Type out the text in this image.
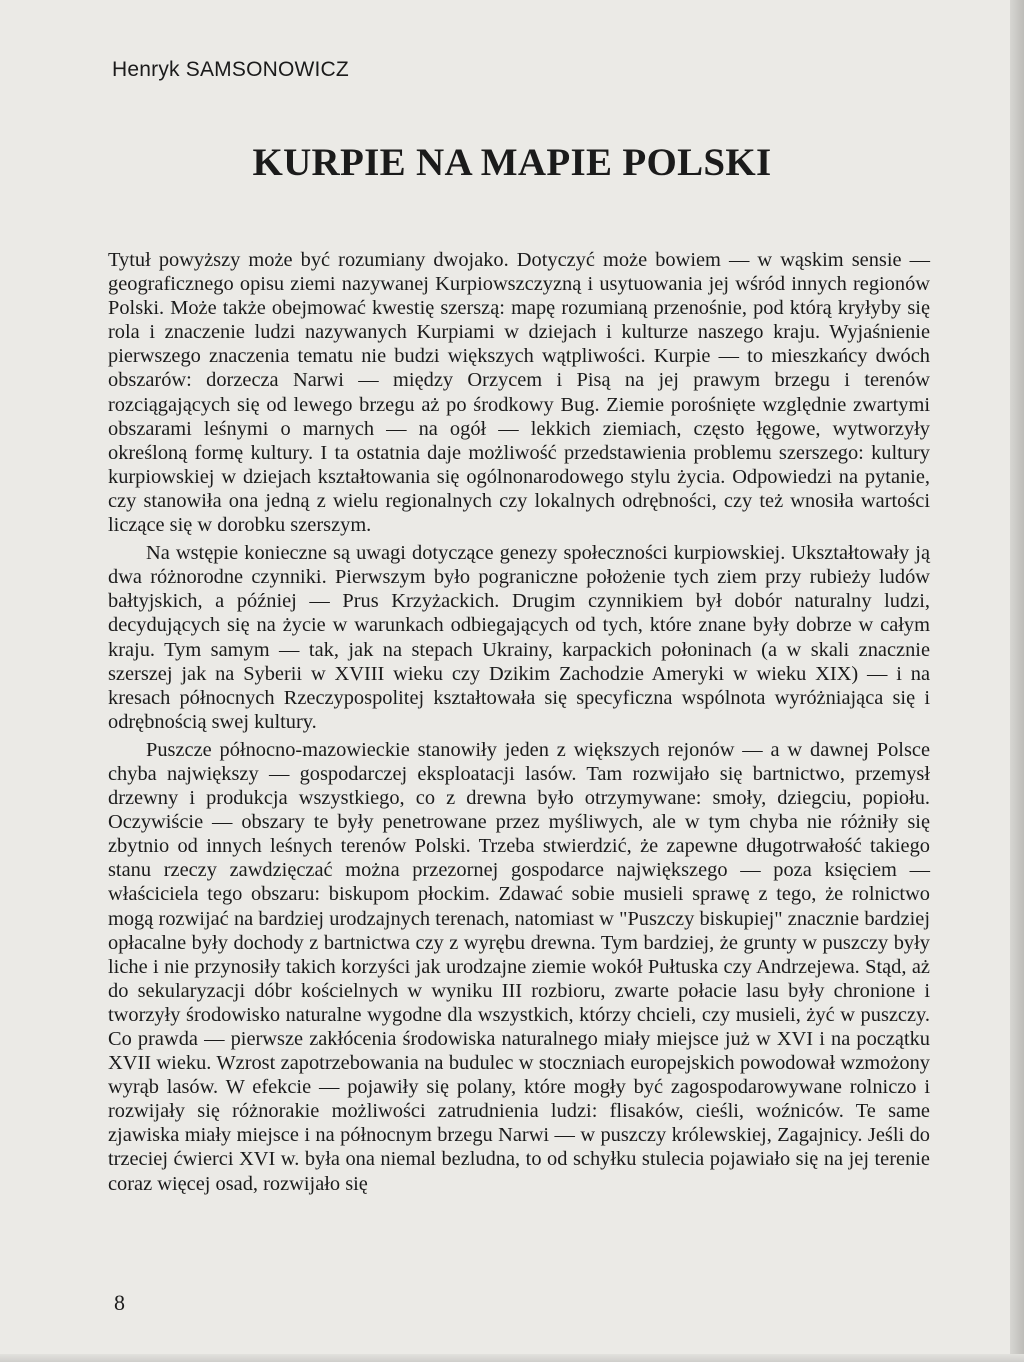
Henryk SAMSONOWICZ
KURPIE NA MAPIE POLSKI

Tytuł powyższy może być rozumiany dwojako. Dotyczyć może bowiem — w wąskim sensie — geograficznego opisu ziemi nazywanej Kurpiowszczyzną i usytuowania jej wśród innych regionów Polski. Może także obejmować kwestię szerszą: mapę rozumianą przenośnie, pod którą kryłyby się rola i znaczenie ludzi nazywanych Kurpiami w dziejach i kulturze naszego kraju. Wyjaśnienie pierwszego znaczenia tematu nie budzi większych wątpliwości. Kurpie — to mieszkańcy dwóch obszarów: dorzecza Narwi — między Orzycem i Pisą na jej prawym brzegu i terenów rozciągających się od lewego brzegu aż po środkowy Bug. Ziemie porośnięte względnie zwartymi obszarami leśnymi o marnych — na ogół — lekkich ziemiach, często łęgowe, wytworzyły określoną formę kultury. I ta ostatnia daje możliwość przedstawienia problemu szerszego: kultury kurpiowskiej w dziejach kształtowania się ogólnonarodowego stylu życia. Odpowiedzi na pytanie, czy stanowiła ona jedną z wielu regionalnych czy lokalnych odrębności, czy też wnosiła wartości liczące się w dorobku szerszym.

Na wstępie konieczne są uwagi dotyczące genezy społeczności kurpiowskiej. Ukształtowały ją dwa różnorodne czynniki. Pierwszym było pograniczne położenie tych ziem przy rubieży ludów bałtyjskich, a później — Prus Krzyżackich. Drugim czynnikiem był dobór naturalny ludzi, decydujących się na życie w warunkach odbiegających od tych, które znane były dobrze w całym kraju. Tym samym — tak, jak na stepach Ukrainy, karpackich połoninach (a w skali znacznie szerszej jak na Syberii w XVIII wieku czy Dzikim Zachodzie Ameryki w wieku XIX) — i na kresach północnych Rzeczypospolitej kształtowała się specyficzna wspólnota wyróżniająca się i odrębnością swej kultury.

Puszcze północno-mazowieckie stanowiły jeden z większych rejonów — a w dawnej Polsce chyba największy — gospodarczej eksploatacji lasów. Tam rozwijało się bartnictwo, przemysł drzewny i produkcja wszystkiego, co z drewna było otrzymywane: smoły, dziegciu, popiołu. Oczywiście — obszary te były penetrowane przez myśliwych, ale w tym chyba nie różniły się zbytnio od innych leśnych terenów Polski. Trzeba stwierdzić, że zapewne długotrwałość takiego stanu rzeczy zawdzięczać można przezornej gospodarce największego — poza księciem — właściciela tego obszaru: biskupom płockim. Zdawać sobie musieli sprawę z tego, że rolnictwo mogą rozwijać na bardziej urodzajnych terenach, natomiast w "Puszczy biskupiej" znacznie bardziej opłacalne były dochody z bartnictwa czy z wyrębu drewna. Tym bardziej, że grunty w puszczy były liche i nie przynosiły takich korzyści jak urodzajne ziemie wokół Pułtuska czy Andrzejewa. Stąd, aż do sekularyzacji dóbr kościelnych w wyniku III rozbioru, zwarte połacie lasu były chronione i tworzyły środowisko naturalne wygodne dla wszystkich, którzy chcieli, czy musieli, żyć w puszczy. Co prawda — pierwsze zakłócenia środowiska naturalnego miały miejsce już w XVI i na początku XVII wieku. Wzrost zapotrzebowania na budulec w stoczniach europejskich powodował wzmożony wyrąb lasów. W efekcie — pojawiły się polany, które mogły być zagospodarowywane rolniczo i rozwijały się różnorakie możliwości zatrudnienia ludzi: flisaków, cieśli, woźniców. Te same zjawiska miały miejsce i na północnym brzegu Narwi — w puszczy królewskiej, Zagajnicy. Jeśli do trzeciej ćwierci XVI w. była ona niemal bezludna, to od schyłku stulecia pojawiało się na jej terenie coraz więcej osad, rozwijało się

8
